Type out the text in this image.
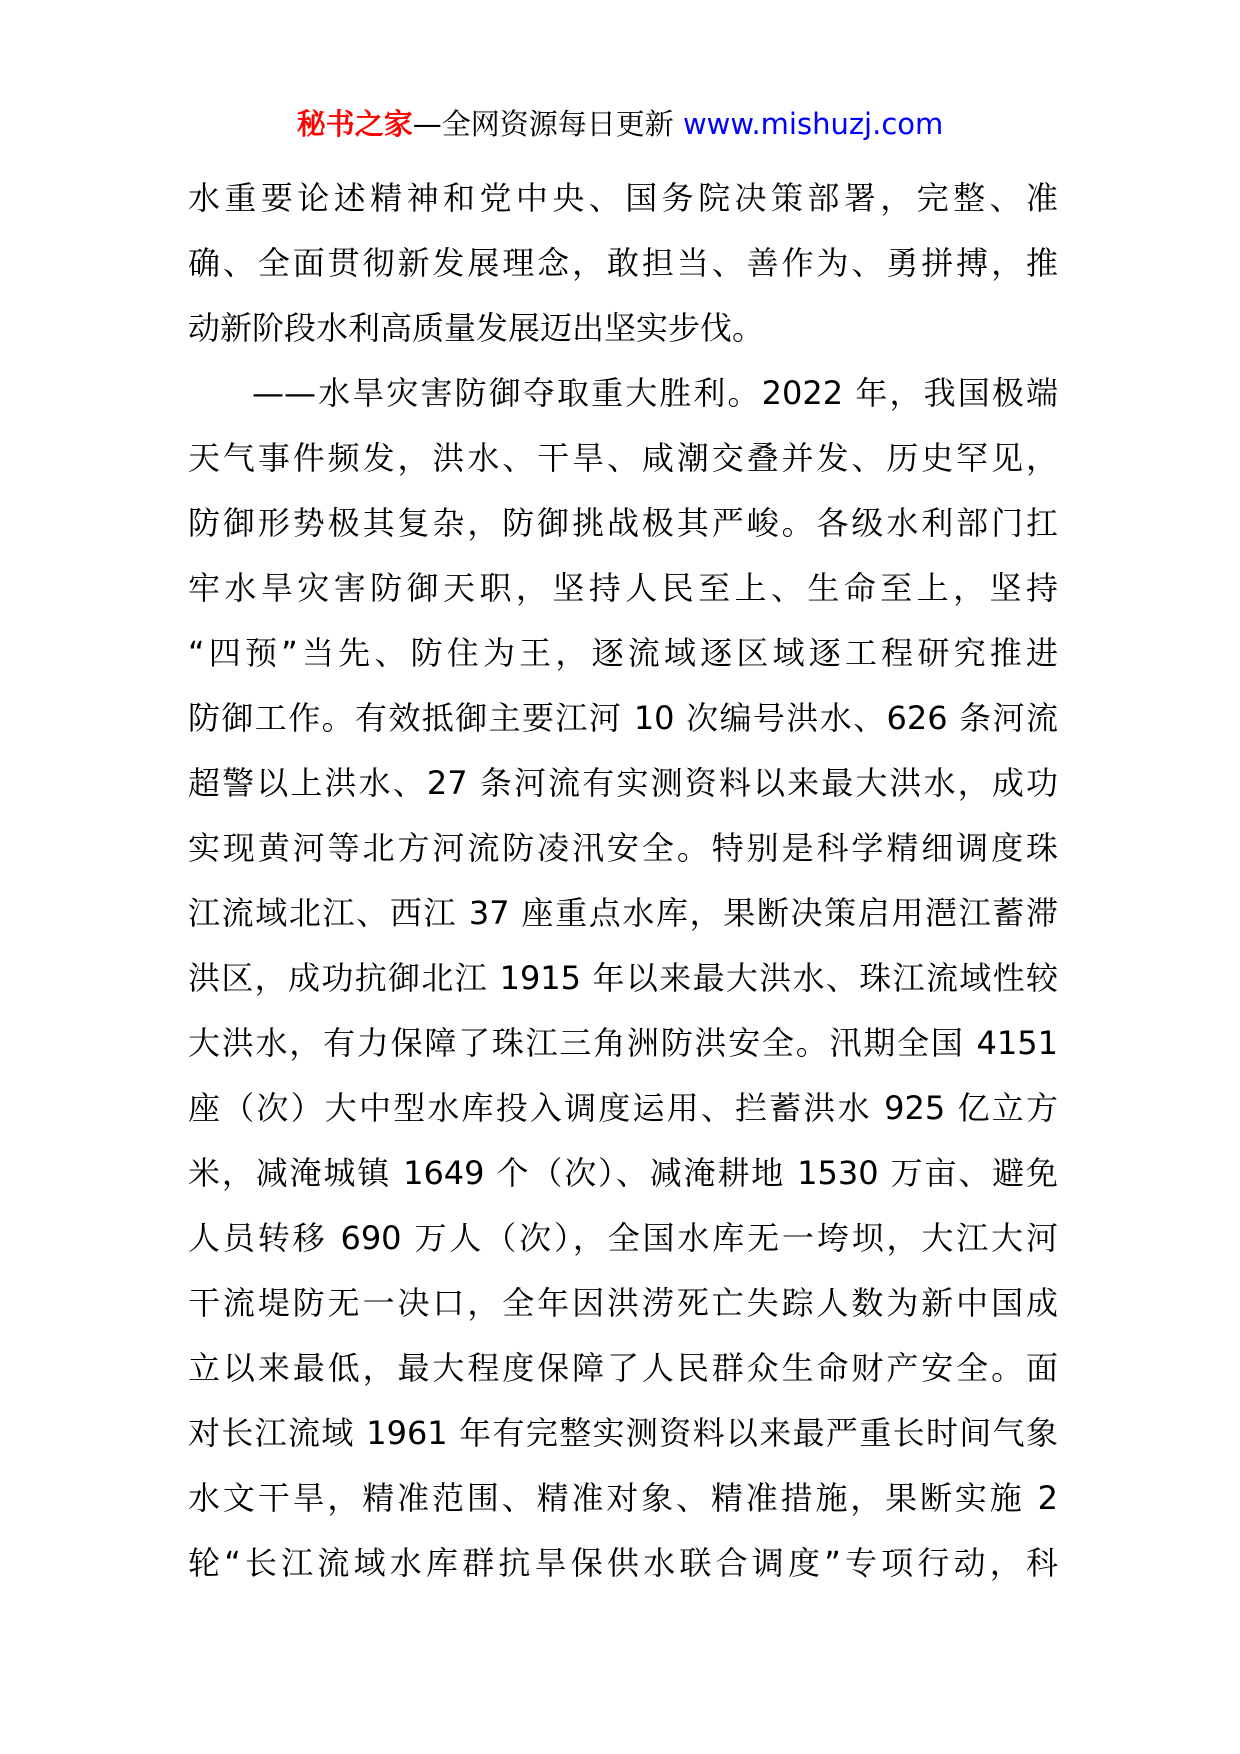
秘书之家—全网资源每日更新 www.mishuzj.com
水重要论述精神和党中央、国务院决策部署，完整、准
确、全面贯彻新发展理念，敢担当、善作为、勇拼搏，推
动新阶段水利高质量发展迈出坚实步伐。
——水旱灾害防御夺取重大胜利。2022 年，我国极端
天气事件频发，洪水、干旱、咸潮交叠并发、历史罕见，
防御形势极其复杂，防御挑战极其严峻。各级水利部门扛
牢水旱灾害防御天职，坚持人民至上、生命至上，坚持
“四预”当先、防住为王，逐流域逐区域逐工程研究推进
防御工作。有效抵御主要江河 10 次编号洪水、626 条河流
超警以上洪水、27 条河流有实测资料以来最大洪水，成功
实现黄河等北方河流防凌汛安全。特别是科学精细调度珠
江流域北江、西江 37 座重点水库，果断决策启用潖江蓄滞
洪区，成功抗御北江 1915 年以来最大洪水、珠江流域性较
大洪水，有力保障了珠江三角洲防洪安全。汛期全国 4151
座（次）大中型水库投入调度运用、拦蓄洪水 925 亿立方
米，减淹城镇 1649 个（次）、减淹耕地 1530 万亩、避免
人员转移 690 万人（次），全国水库无一垮坝，大江大河
干流堤防无一决口，全年因洪涝死亡失踪人数为新中国成
立以来最低，最大程度保障了人民群众生命财产安全。面
对长江流域 1961 年有完整实测资料以来最严重长时间气象
水文干旱，精准范围、精准对象、精准措施，果断实施 2
轮“长江流域水库群抗旱保供水联合调度”专项行动，科
